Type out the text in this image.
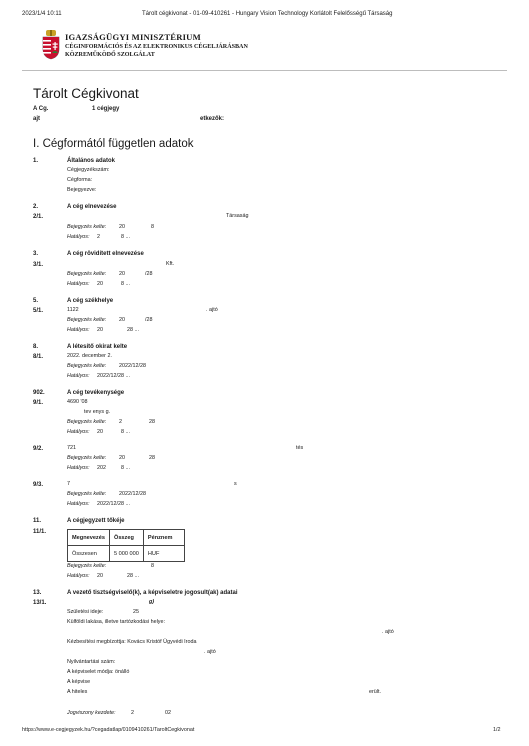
2023/1/4 10:11	Tárolt cégkivonat - 01-09-410261 - Hungary Vision Technology Korlátolt Felelősségű Társaság
IGAZSÁGÜGYI MINISZTÉRIUM
CÉGINFORMÁCIÓS ÉS AZ ELEKTRONIKUS CÉGELJÁRÁSBAN
KÖZREMŰKÖDŐ SZOLGÁLAT
Tárolt Cégkivonat
A Cg.	1 cégjegy
ajt	etkezők:
I. Cégformától független adatok
1.	Általános adatok
Cégjegyzékszám:
Cégforma:
Bejegyezve:
2.	A cég elnevezése
2/1.	Társaság
Bejegyzés kelte: 20	8
Hatályos: 2	8 ...
3.	A cég rövidített elnevezése
3/1.	Kft.
Bejegyzés kelte: 20	/28
Hatályos: 20	8 ...
5.	A cég székhelye
5/1.	1122	. ajtó
Bejegyzés kelte: 20	/28
Hatályos: 20	28 ...
8.	A létesítő okirat kelte
8/1.	2022. december 2.
Bejegyzés kelte: 2022/12/28
Hatályos: 2022/12/28 ...
902.	A cég tevékenysége
9/1.	4690 '08
tev enys g.
Bejegyzés kelte: 2	28
Hatályos: 20	8 ...
9/2.	721	tés
Bejegyzés kelte: 20	28
Hatályos: 202	8 ...
9/3.	7	s
Bejegyzés kelte: 2022/12/28
Hatályos: 2022/12/28 ...
11.	A cégjegyzett tőkéje
11/1.
Megnevezés	Összeg	Pénznem
Összesen	5 000 000	HUF
Bejegyzés kelte:	8
Hatályos: 20	28 ...
13.	A vezető tisztségviselő(k), a képviseletre jogosult(ak) adatai
13/1.	g)
Születési ideje:	25
Külföldi lakása, illetve tartózkodási helye:
. ajtó
Kézbesítési megbízottja: Kovács Kristóf Ügyvédi Iroda
. ajtó
Nyilvántartási szám:
A képviselet módja: önálló
A képvise
A hiteles	erült.
Jogviszony kezdete:	2	02
https://www.e-cegjegyzek.hu/?cegadatlap/0109410261/TaroltCegkivonat	1/2
